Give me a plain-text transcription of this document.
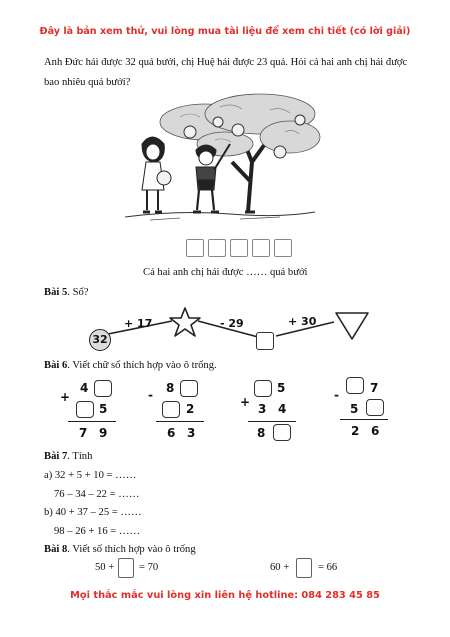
Đây là bản xem thử, vui lòng mua tài liệu để xem chi tiết (có lời giải)
Anh Đức hái được 32 quả bưởi, chị Huệ hái được 23 quả. Hỏi cả hai anh chị hái được
bao nhiêu quả bưởi?
Cả hai anh chị hái được …… quả bưởi
Bài 5. Số?
32
+ 17	- 29	+ 30
Bài 6. Viết chữ số thích hợp vào ô trống.
+
4
5
7 9
- 8
2
6 3
+
5
3 4
8
-	7
5
2 6
Bài 7. Tính
a) 32 + 5 + 10 = ……
76 – 34 – 22 = ……
b) 40 + 37 – 25 = ……
98 – 26 + 16 = ……
Bài 8. Viết số thích hợp vào ô trống
50 + = 70	60 +	= 66
Mọi thắc mắc vui lòng xin liên hệ hotline: 084 283 45 85
